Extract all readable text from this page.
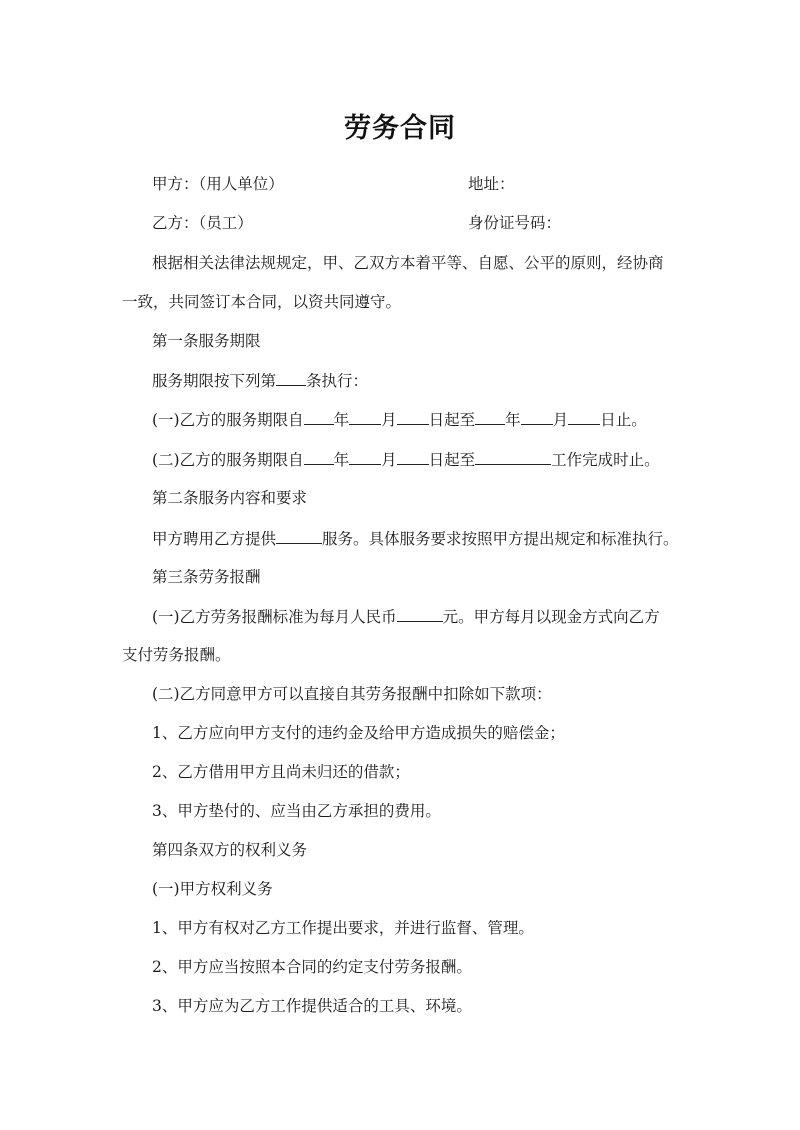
劳务合同
甲方：（用人单位）	地址：
乙方：（员工）	身份证号码：
根据相关法律法规规定，甲、乙双方本着平等、自愿、公平的原则，经协商
一致，共同签订本合同，以资共同遵守。
第一条服务期限
服务期限按下列第 条执行：
(一)乙方的服务期限自 年 月 日起至 年 月 日止。
(二)乙方的服务期限自 年 月 日起至	工作完成时止。
第二条服务内容和要求
甲方聘用乙方提供	服务。具体服务要求按照甲方提出规定和标准执行。
第三条劳务报酬
(一)乙方劳务报酬标准为每月人民币	元。甲方每月以现金方式向乙方
支付劳务报酬。
(二)乙方同意甲方可以直接自其劳务报酬中扣除如下款项：
1、乙方应向甲方支付的违约金及给甲方造成损失的赔偿金；
2、乙方借用甲方且尚未归还的借款；
3、甲方垫付的、应当由乙方承担的费用。
第四条双方的权利义务
(一)甲方权利义务
1、甲方有权对乙方工作提出要求，并进行监督、管理。
2、甲方应当按照本合同的约定支付劳务报酬。
3、甲方应为乙方工作提供适合的工具、环境。
